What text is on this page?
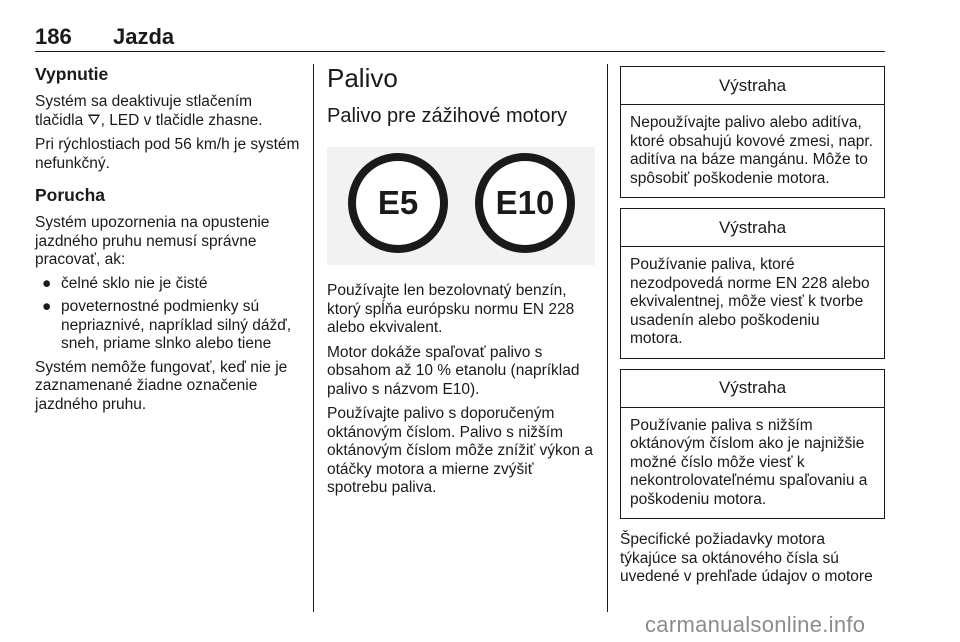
186 Jazda
Vypnutie

Systém sa deaktivuje stlačením tlačidla ⛛, LED v tlačidle zhasne.

Pri rýchlostiach pod 56 km/h je systém nefunkčný.

Porucha

Systém upozornenia na opustenie jazdného pruhu nemusí správne pracovať, ak:

● čelné sklo nie je čisté
● poveternostné podmienky sú nepriaznivé, napríklad silný dážď, sneh, priame slnko alebo tiene

Systém nemôže fungovať, keď nie je zaznamenané žiadne označenie jazdného pruhu.

Palivo
Palivo pre zážihové motory
E5	E10

Používajte len bezolovnatý benzín, ktorý spĺňa európsku normu EN 228 alebo ekvivalent.

Motor dokáže spaľovať palivo s obsahom až 10 % etanolu (napríklad palivo s názvom E10).

Používajte palivo s doporučeným oktánovým číslom. Palivo s nižším oktánovým číslom môže znížiť výkon a otáčky motora a mierne zvýšiť spotrebu paliva.

Výstraha
Nepoužívajte palivo alebo aditíva, ktoré obsahujú kovové zmesi, napr. aditíva na báze mangánu. Môže to spôsobiť poškodenie motora.
Výstraha
Používanie paliva, ktoré nezodpovedá norme EN 228 alebo ekvivalentnej, môže viesť k tvorbe usadenín alebo poškodeniu motora.
Výstraha
Používanie paliva s nižším oktánovým číslom ako je najnižšie možné číslo môže viesť k nekontrolovateľnému spaľovaniu a poškodeniu motora.

Špecifické požiadavky motora týkajúce sa oktánového čísla sú uvedené v prehľade údajov o motore

carmanualsonline.info
